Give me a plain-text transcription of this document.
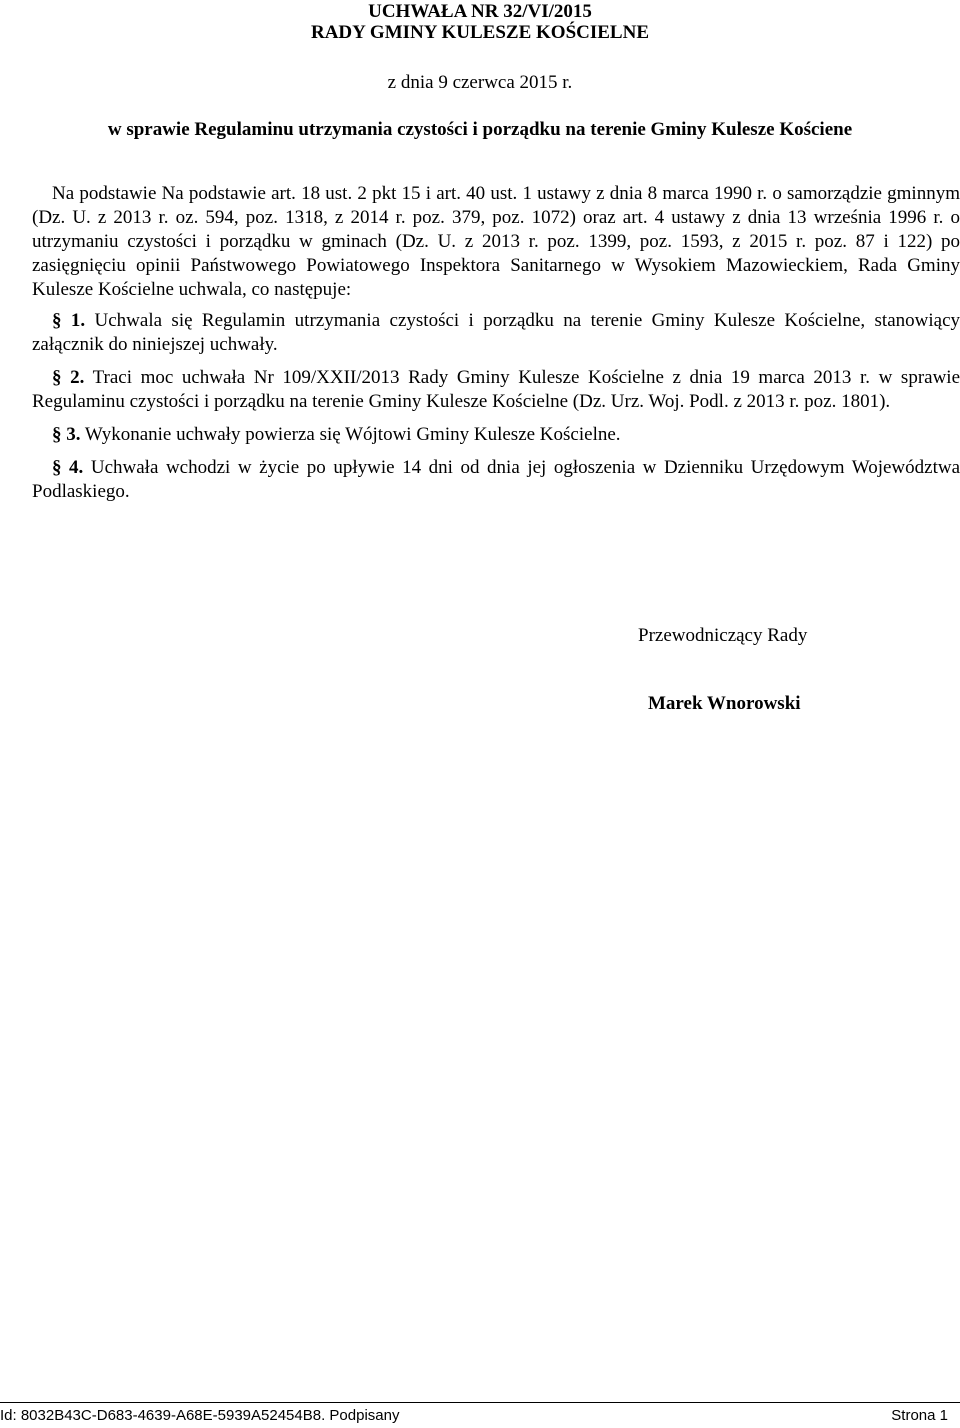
UCHWAŁA NR 32/VI/2015
RADY GMINY KULESZE KOŚCIELNE
z dnia 9 czerwca 2015 r.
w sprawie Regulaminu utrzymania czystości i porządku na terenie Gminy Kulesze Kościene

Na podstawie Na podstawie art. 18 ust. 2 pkt 15 i art. 40 ust. 1 ustawy z dnia 8 marca 1990 r. o samorządzie gminnym (Dz. U. z 2013 r. oz. 594, poz. 1318, z 2014 r. poz. 379, poz. 1072) oraz art. 4 ustawy z dnia 13 września 1996 r. o utrzymaniu czystości i porządku w gminach (Dz. U. z 2013 r. poz. 1399, poz. 1593, z 2015 r. poz. 87 i 122) po zasięgnięciu opinii Państwowego Powiatowego Inspektora Sanitarnego w Wysokiem Mazowieckiem, Rada Gminy Kulesze Kościelne uchwala, co następuje:

§ 1. Uchwala się Regulamin utrzymania czystości i porządku na terenie Gminy Kulesze Kościelne, stanowiący załącznik do niniejszej uchwały.

§ 2. Traci moc uchwała Nr 109/XXII/2013 Rady Gminy Kulesze Kościelne z dnia 19 marca 2013 r. w sprawie Regulaminu czystości i porządku na terenie Gminy Kulesze Kościelne (Dz. Urz. Woj. Podl. z 2013 r. poz. 1801).

§ 3. Wykonanie uchwały powierza się Wójtowi Gminy Kulesze Kościelne.

§ 4. Uchwała wchodzi w życie po upływie 14 dni od dnia jej ogłoszenia w Dzienniku Urzędowym Województwa Podlaskiego.

Przewodniczący Rady
Marek Wnorowski
Id: 8032B43C-D683-4639-A68E-5939A52454B8. Podpisany	Strona 1
